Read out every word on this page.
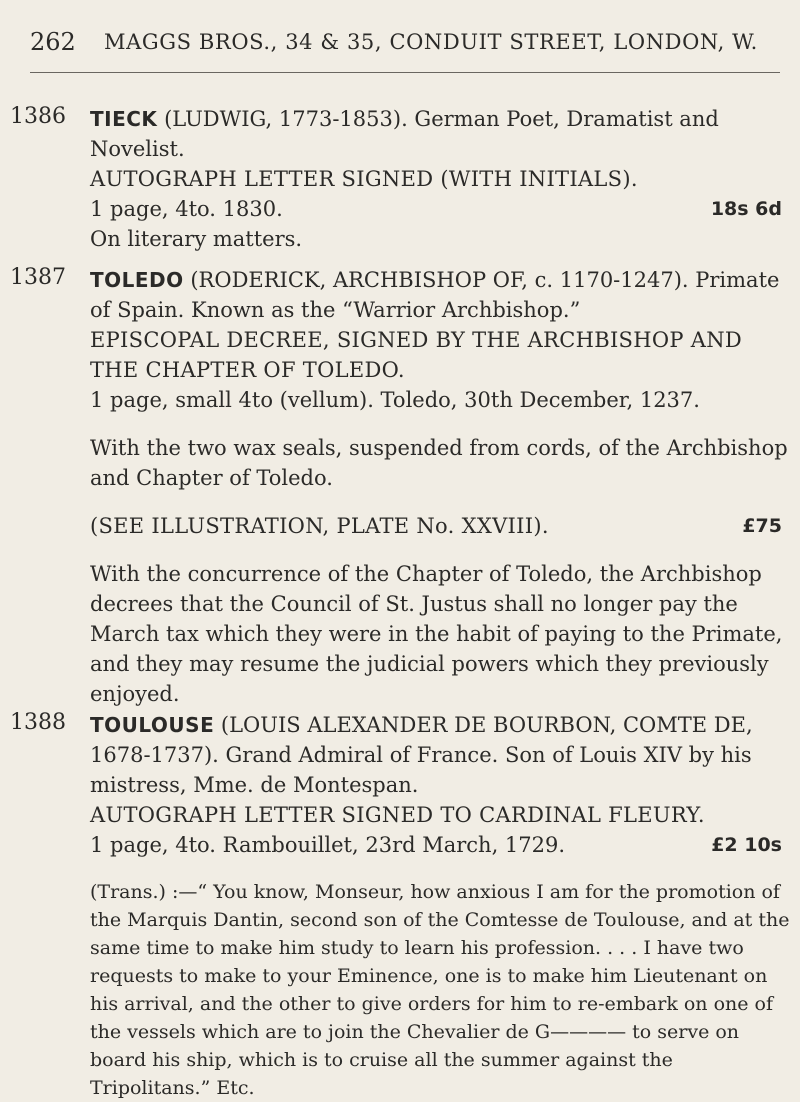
262 MAGGS BROS., 34 & 35, CONDUIT STREET, LONDON, W.
1386 TIECK (LUDWIG, 1773-1853). German Poet, Dramatist and Novelist.

AUTOGRAPH LETTER SIGNED (WITH INITIALS).

1 page, 4to. 1830.	18s 6d

On literary matters.

1387 TOLEDO (RODERICK, ARCHBISHOP OF, c. 1170-1247). Primate of Spain. Known as the “Warrior Archbishop.”

EPISCOPAL DECREE, SIGNED BY THE ARCHBISHOP AND THE CHAPTER OF TOLEDO.

1 page, small 4to (vellum). Toledo, 30th December, 1237.

With the two wax seals, suspended from cords, of the Archbishop and Chapter of Toledo.

(SEE ILLUSTRATION, PLATE No. XXVIII).	£75

With the concurrence of the Chapter of Toledo, the Archbishop decrees that the Council of St. Justus shall no longer pay the March tax which they were in the habit of paying to the Primate, and they may resume the judicial powers which they previously enjoyed.

1388 TOULOUSE (LOUIS ALEXANDER DE BOURBON, COMTE DE, 1678-1737). Grand Admiral of France. Son of Louis XIV by his mistress, Mme. de Montespan.

AUTOGRAPH LETTER SIGNED TO CARDINAL FLEURY.

1 page, 4to. Rambouillet, 23rd March, 1729.	£2 10s

(Trans.) :—“ You know, Monseur, how anxious I am for the promotion of the Marquis Dantin, second son of the Comtesse de Toulouse, and at the same time to make him study to learn his profession. . . . I have two requests to make to your Eminence, one is to make him Lieutenant on his arrival, and the other to give orders for him to re-embark on one of the vessels which are to join the Chevalier de G———— to serve on board his ship, which is to cruise all the summer against the Tripolitans.” Etc.
